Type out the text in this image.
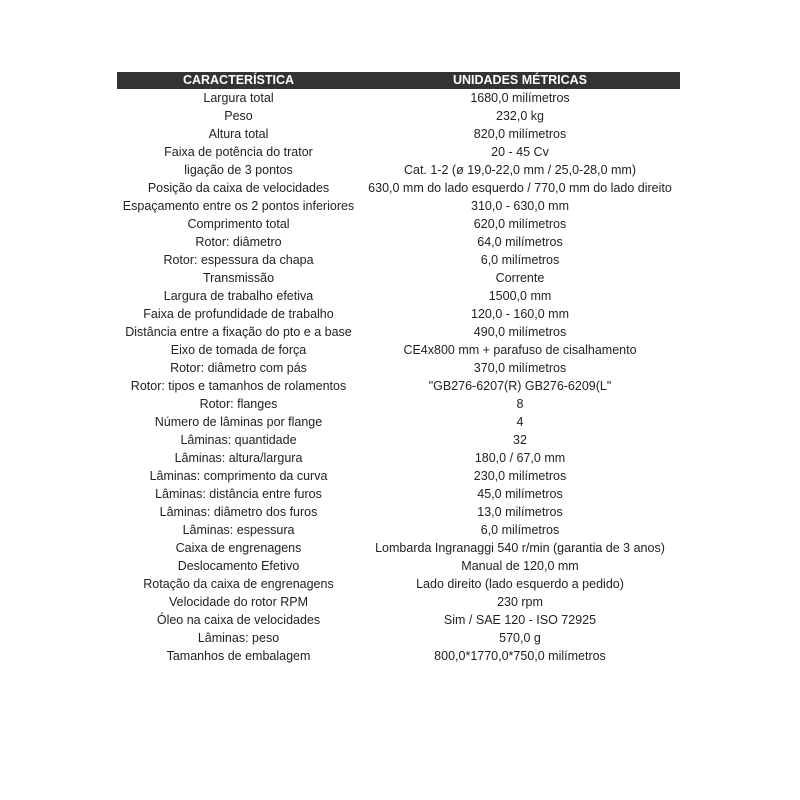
CARACTERÍSTICA	UNIDADES MÉTRICAS
Largura total	1680,0 milímetros
Peso	232,0 kg
Altura total	820,0 milímetros
Faixa de potência do trator	20 - 45 Cv
ligação de 3 pontos	Cat. 1-2 (ø 19,0-22,0 mm / 25,0-28,0 mm)
Posição da caixa de velocidades	630,0 mm do lado esquerdo / 770,0 mm do lado direito
Espaçamento entre os 2 pontos inferiores	310,0 - 630,0 mm
Comprimento total	620,0 milímetros
Rotor: diâmetro	64,0 milímetros
Rotor: espessura da chapa	6,0 milímetros
Transmissão	Corrente
Largura de trabalho efetiva	1500,0 mm
Faixa de profundidade de trabalho	120,0 - 160,0 mm
Distância entre a fixação do pto e a base	490,0 milímetros
Eixo de tomada de força	CE4x800 mm + parafuso de cisalhamento
Rotor: diâmetro com pás	370,0 milímetros
Rotor: tipos e tamanhos de rolamentos	"GB276-6207(R) GB276-6209(L"
Rotor: flanges	8
Número de lâminas por flange	4
Lâminas: quantidade	32
Lâminas: altura/largura	180,0 / 67,0 mm
Lâminas: comprimento da curva	230,0 milímetros
Lâminas: distância entre furos	45,0 milímetros
Lâminas: diâmetro dos furos	13,0 milímetros
Lâminas: espessura	6,0 milímetros
Caixa de engrenagens	Lombarda Ingranaggi 540 r/min (garantia de 3 anos)
Deslocamento Efetivo	Manual de 120,0 mm
Rotação da caixa de engrenagens	Lado direito (lado esquerdo a pedido)
Velocidade do rotor RPM	230 rpm
Óleo na caixa de velocidades	Sim / SAE 120 - ISO 72925
Lâminas: peso	570,0 g
Tamanhos de embalagem	800,0*1770,0*750,0 milímetros
